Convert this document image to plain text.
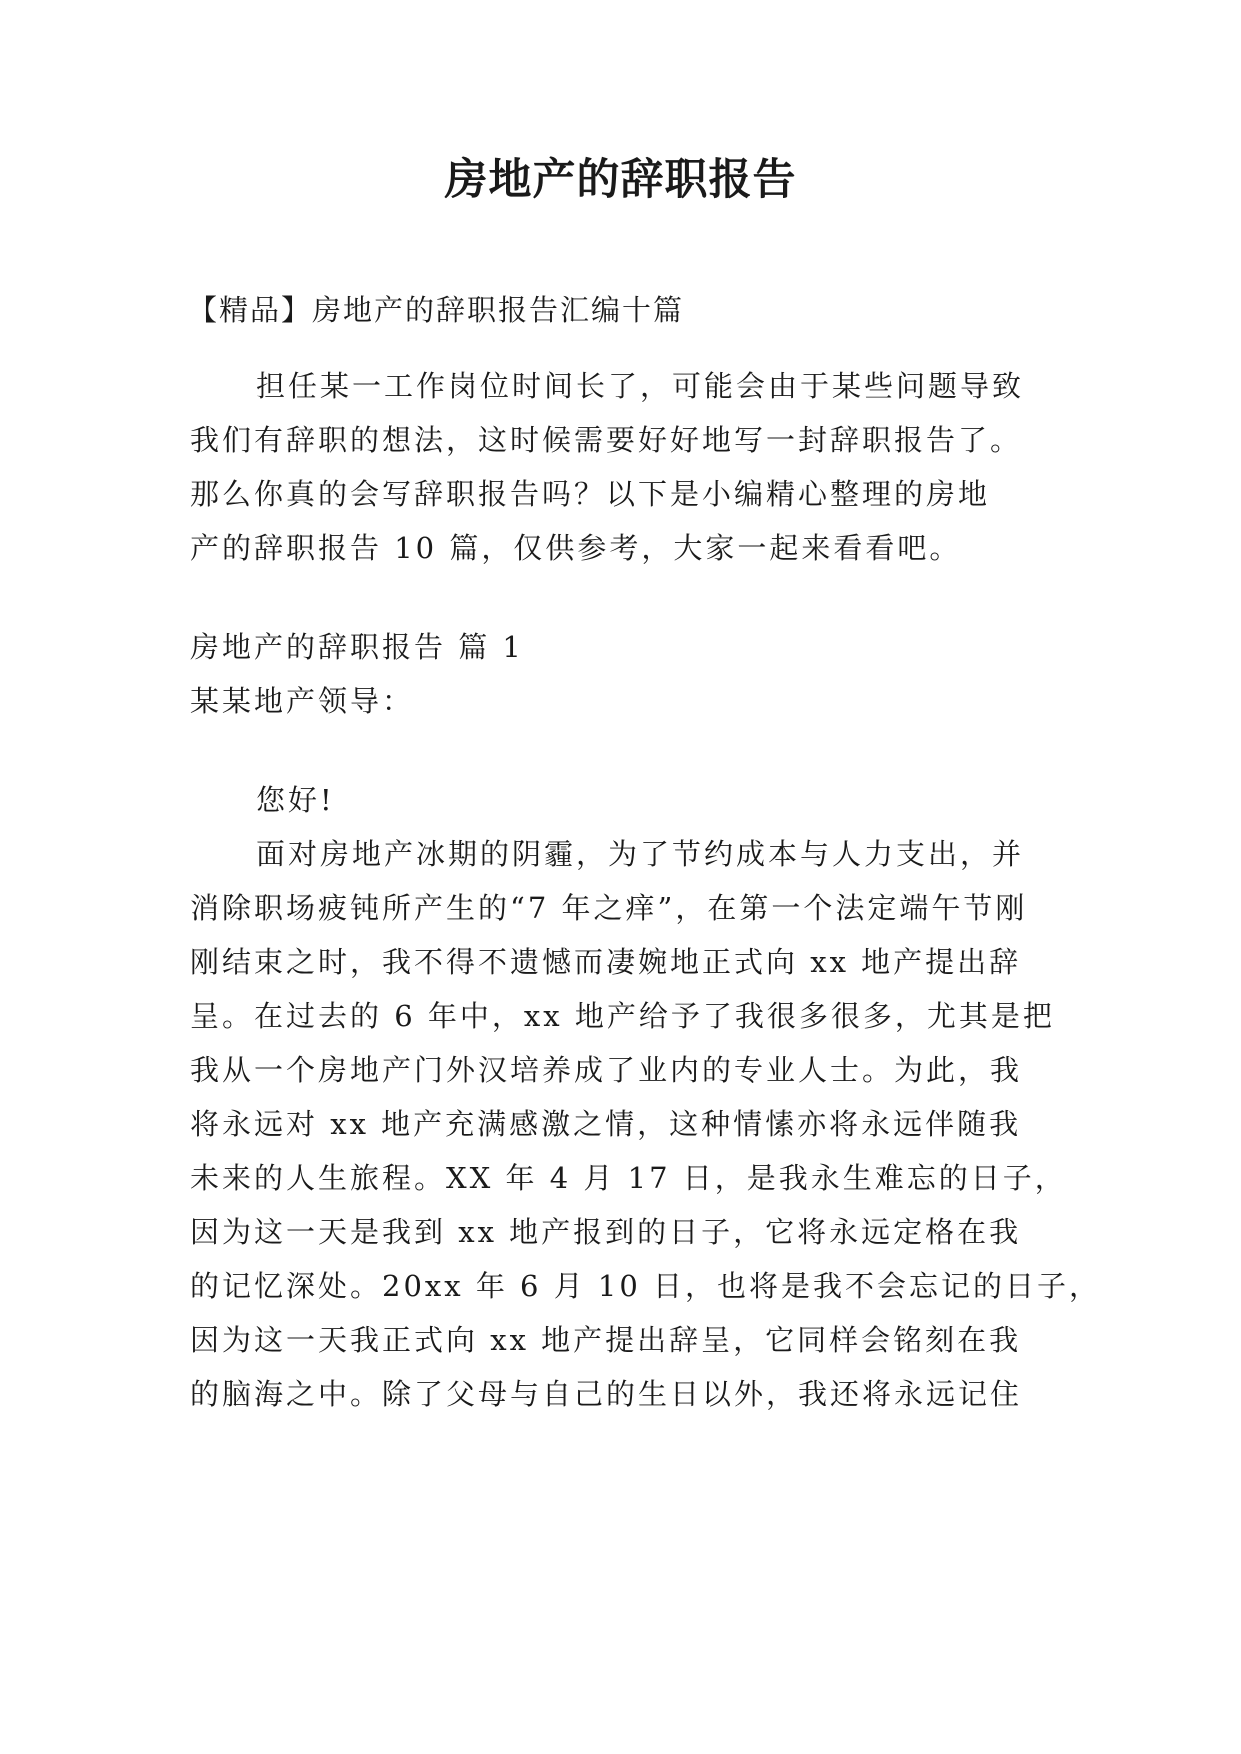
房地产的辞职报告
【精品】房地产的辞职报告汇编十篇
担任某一工作岗位时间长了，可能会由于某些问题导致
我们有辞职的想法，这时候需要好好地写一封辞职报告了。
那么你真的会写辞职报告吗？以下是小编精心整理的房地
产的辞职报告 10 篇，仅供参考，大家一起来看看吧。
房地产的辞职报告 篇 1
某某地产领导：
您好!
面对房地产冰期的阴霾，为了节约成本与人力支出，并
消除职场疲钝所产生的“7 年之痒”，在第一个法定端午节刚
刚结束之时，我不得不遗憾而凄婉地正式向 xx 地产提出辞
呈。在过去的 6 年中，xx 地产给予了我很多很多，尤其是把
我从一个房地产门外汉培养成了业内的专业人士。为此，我
将永远对 xx 地产充满感激之情，这种情愫亦将永远伴随我
未来的人生旅程。XX 年 4 月 17 日，是我永生难忘的日子，
因为这一天是我到 xx 地产报到的日子，它将永远定格在我
的记忆深处。20xx 年 6 月 10 日，也将是我不会忘记的日子，
因为这一天我正式向 xx 地产提出辞呈，它同样会铭刻在我
的脑海之中。除了父母与自己的生日以外，我还将永远记住
